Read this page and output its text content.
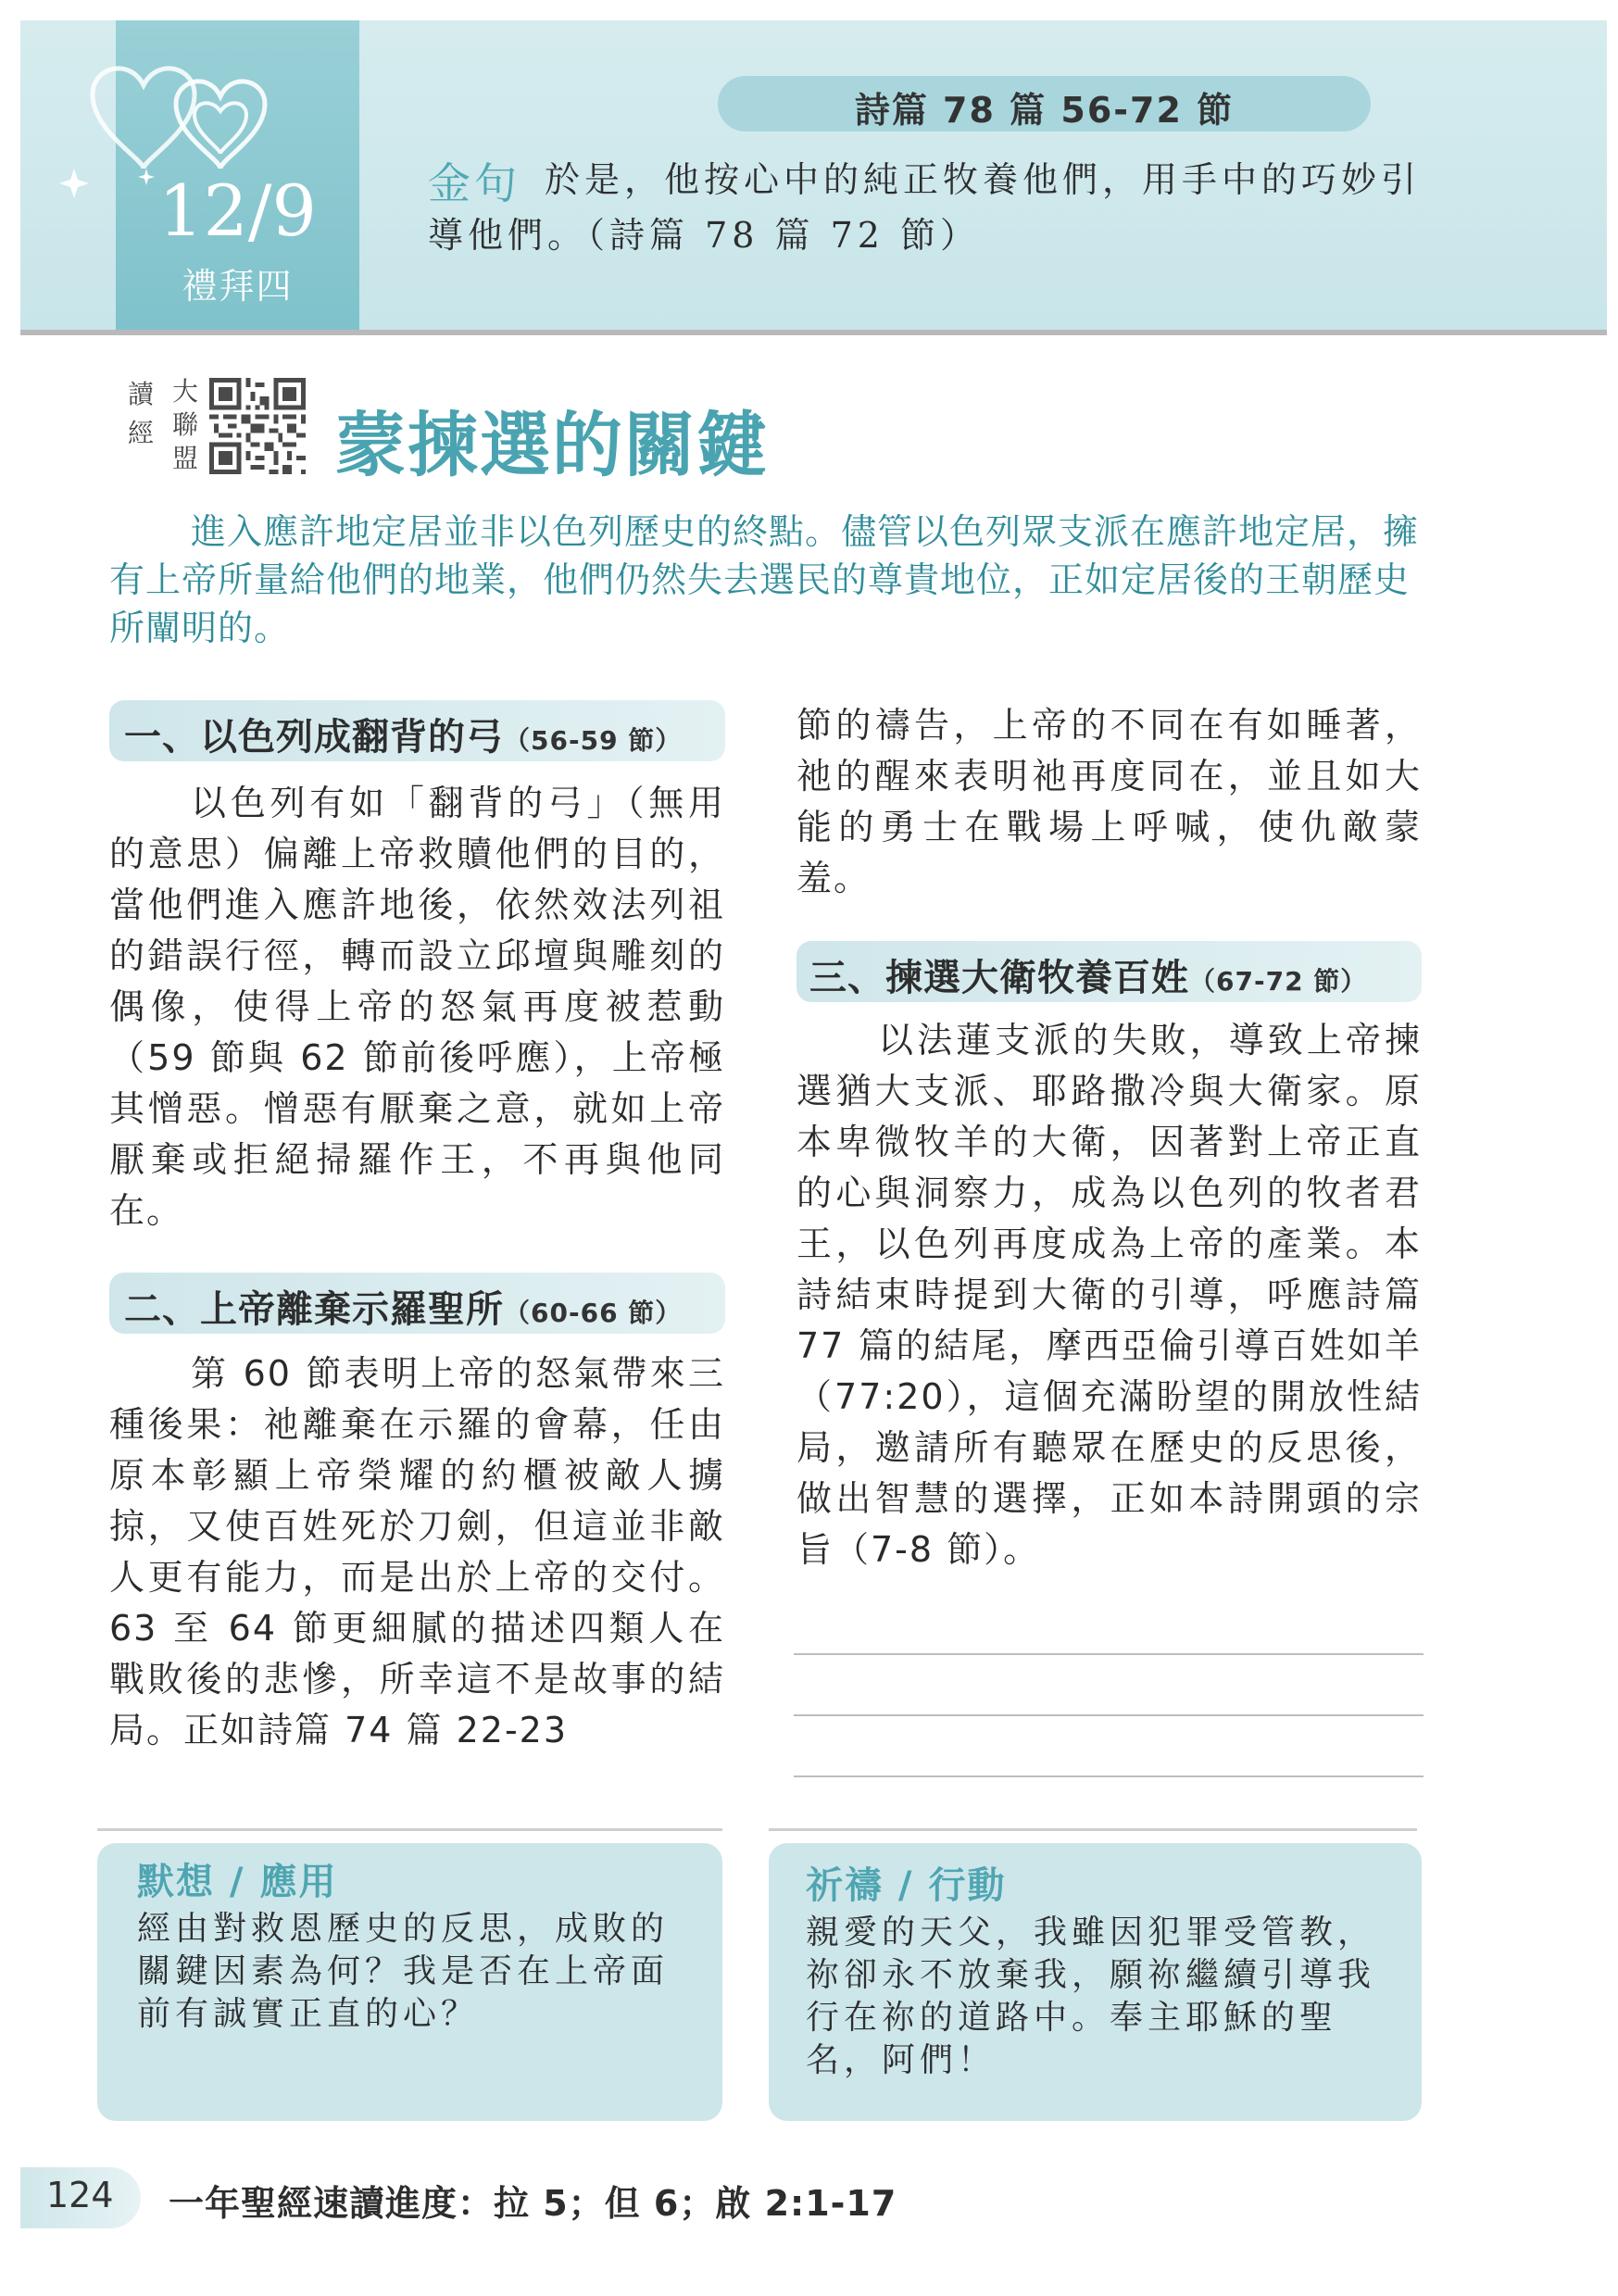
12/9
禮拜四
詩篇 78 篇 56-72 節
金句 於是，他按心中的純正牧養他們，用手中的巧妙引導他們。（詩篇 78 篇 72 節）
讀經
大聯盟 蒙揀選的關鍵
進入應許地定居並非以色列歷史的終點。儘管以色列眾支派在應許地定居，擁有上帝所量給他們的地業，他們仍然失去選民的尊貴地位，正如定居後的王朝歷史所闡明的。
一、以色列成翻背的弓（56-59 節）
以色列有如「翻背的弓」（無用的意思）偏離上帝救贖他們的目的，當他們進入應許地後，依然效法列祖的錯誤行徑，轉而設立邱壇與雕刻的偶像，使得上帝的怒氣再度被惹動（59 節與 62 節前後呼應），上帝極其憎惡。憎惡有厭棄之意，就如上帝厭棄或拒絕掃羅作王，不再與他同在。
二、上帝離棄示羅聖所（60-66 節）
第 60 節表明上帝的怒氣帶來三種後果：祂離棄在示羅的會幕，任由原本彰顯上帝榮耀的約櫃被敵人擄掠，又使百姓死於刀劍，但這並非敵人更有能力，而是出於上帝的交付。63 至 64 節更細膩的描述四類人在戰敗後的悲慘，所幸這不是故事的結局。正如詩篇 74 篇 22-23
節的禱告，上帝的不同在有如睡著，祂的醒來表明祂再度同在，並且如大能的勇士在戰場上呼喊，使仇敵蒙羞。
三、揀選大衛牧養百姓（67-72 節）
以法蓮支派的失敗，導致上帝揀選猶大支派、耶路撒冷與大衛家。原本卑微牧羊的大衛，因著對上帝正直的心與洞察力，成為以色列的牧者君王，以色列再度成為上帝的產業。本詩結束時提到大衛的引導，呼應詩篇 77 篇的結尾，摩西亞倫引導百姓如羊（77:20），這個充滿盼望的開放性結局，邀請所有聽眾在歷史的反思後，做出智慧的選擇，正如本詩開頭的宗旨（7-8 節）。
默想 / 應用
經由對救恩歷史的反思，成敗的關鍵因素為何？我是否在上帝面前有誠實正直的心？
祈禱 / 行動
親愛的天父，我雖因犯罪受管教，祢卻永不放棄我，願祢繼續引導我行在祢的道路中。奉主耶穌的聖名，阿們！
124 一年聖經速讀進度：拉 5；但 6；啟 2:1-17
